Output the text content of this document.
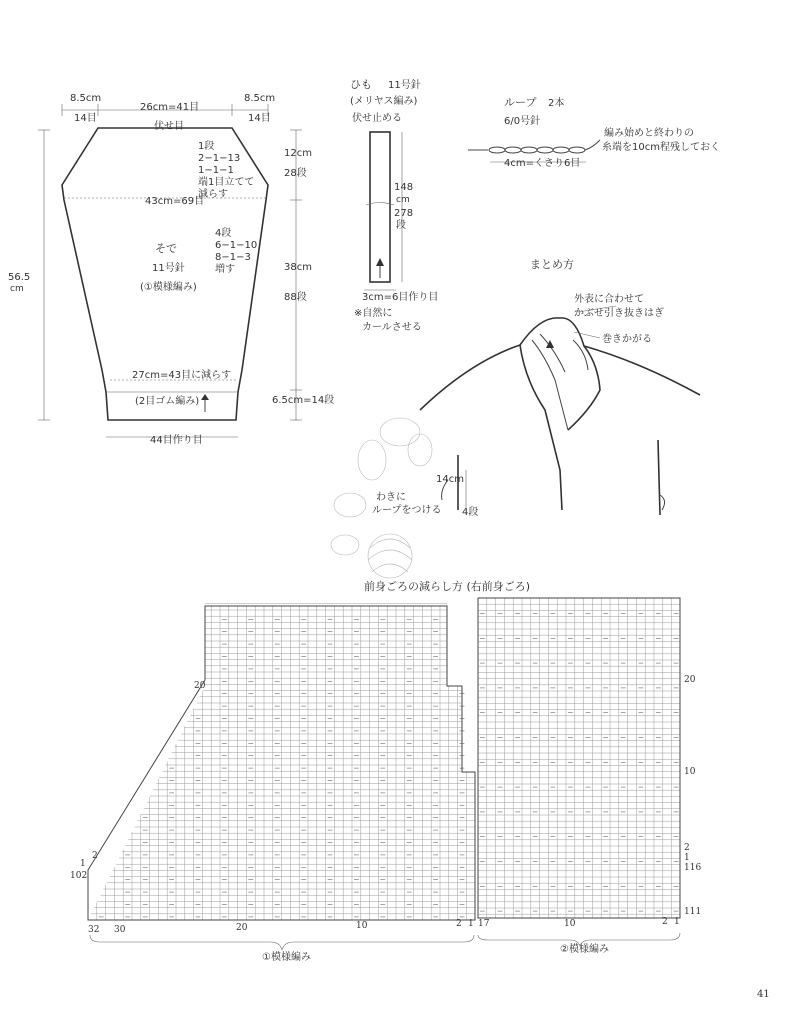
8.5cm
14目
26cm=41目
8.5cm
14目
伏せ目
1段
2−1−13
1−1−1
端1目立てて
減らす
12cm
28段
43cm=69目
そで
11号針
(①模様編み)
4段
6−1−10
8−1−3
増す
56.5
cm
38cm
88段
27cm=43目に減らす
(2目ゴム編み)	6.5cm=14段
44目作り目
ひも 11号針
(メリヤス編み)
伏せ止める
148
cm
278
段
3cm=6目作り目
※自然に
カールさせる
ループ 2本
6/0号針
編み始めと終わりの
糸端を10cm程残しておく
4cm=くさり6目
まとめ方
外表に合わせて
かぶせ引き抜きはぎ
巻きかがる
14cm
わきに
ループをつける 4段
前身ごろの減らし方 (右前身ごろ)
20
2
1
102
20
10
2
1
116
111
32 30	20	10	2 1 17	10	2 1
①模様編み
②模様編み
41
